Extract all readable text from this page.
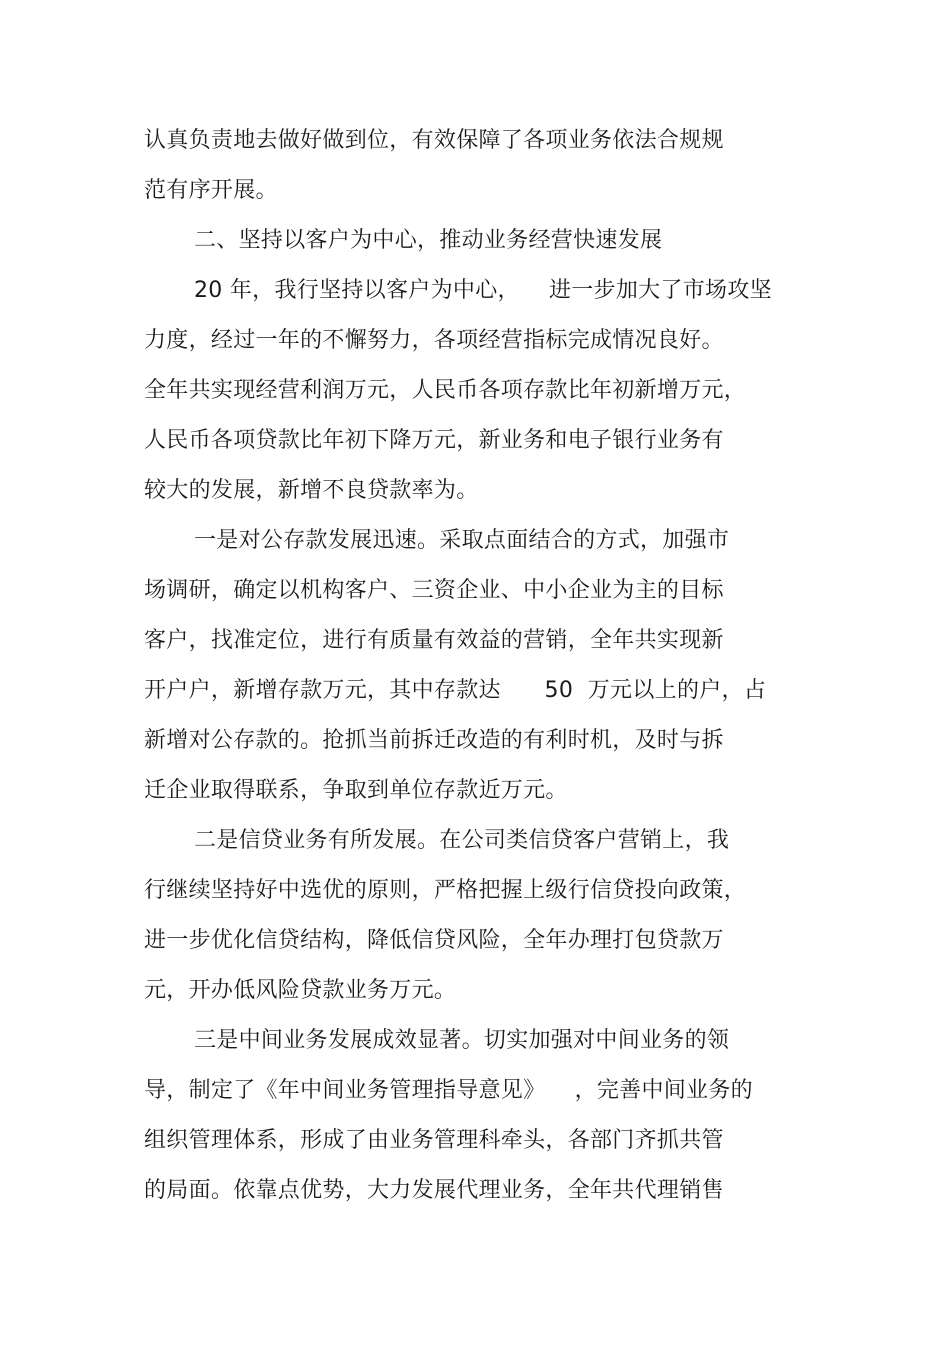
认真负责地去做好做到位，有效保障了各项业务依法合规规
范有序开展。
二、坚持以客户为中心，推动业务经营快速发展
20 年，我行坚持以客户为中心，    进一步加大了市场攻坚
力度，经过一年的不懈努力，各项经营指标完成情况良好。
全年共实现经营利润万元，人民币各项存款比年初新增万元，
人民币各项贷款比年初下降万元，新业务和电子银行业务有
较大的发展，新增不良贷款率为。
一是对公存款发展迅速。采取点面结合的方式，加强市
场调研，确定以机构客户、三资企业、中小企业为主的目标
客户，找准定位，进行有质量有效益的营销，全年共实现新
开户户，新增存款万元，其中存款达      50  万元以上的户，占
新增对公存款的。抢抓当前拆迁改造的有利时机，及时与拆
迁企业取得联系，争取到单位存款近万元。
二是信贷业务有所发展。在公司类信贷客户营销上，我
行继续坚持好中选优的原则，严格把握上级行信贷投向政策，
进一步优化信贷结构，降低信贷风险，全年办理打包贷款万
元，开办低风险贷款业务万元。
三是中间业务发展成效显著。切实加强对中间业务的领
导，制定了《年中间业务管理指导意见》    ，完善中间业务的
组织管理体系，形成了由业务管理科牵头，各部门齐抓共管
的局面。依靠点优势，大力发展代理业务，全年共代理销售
